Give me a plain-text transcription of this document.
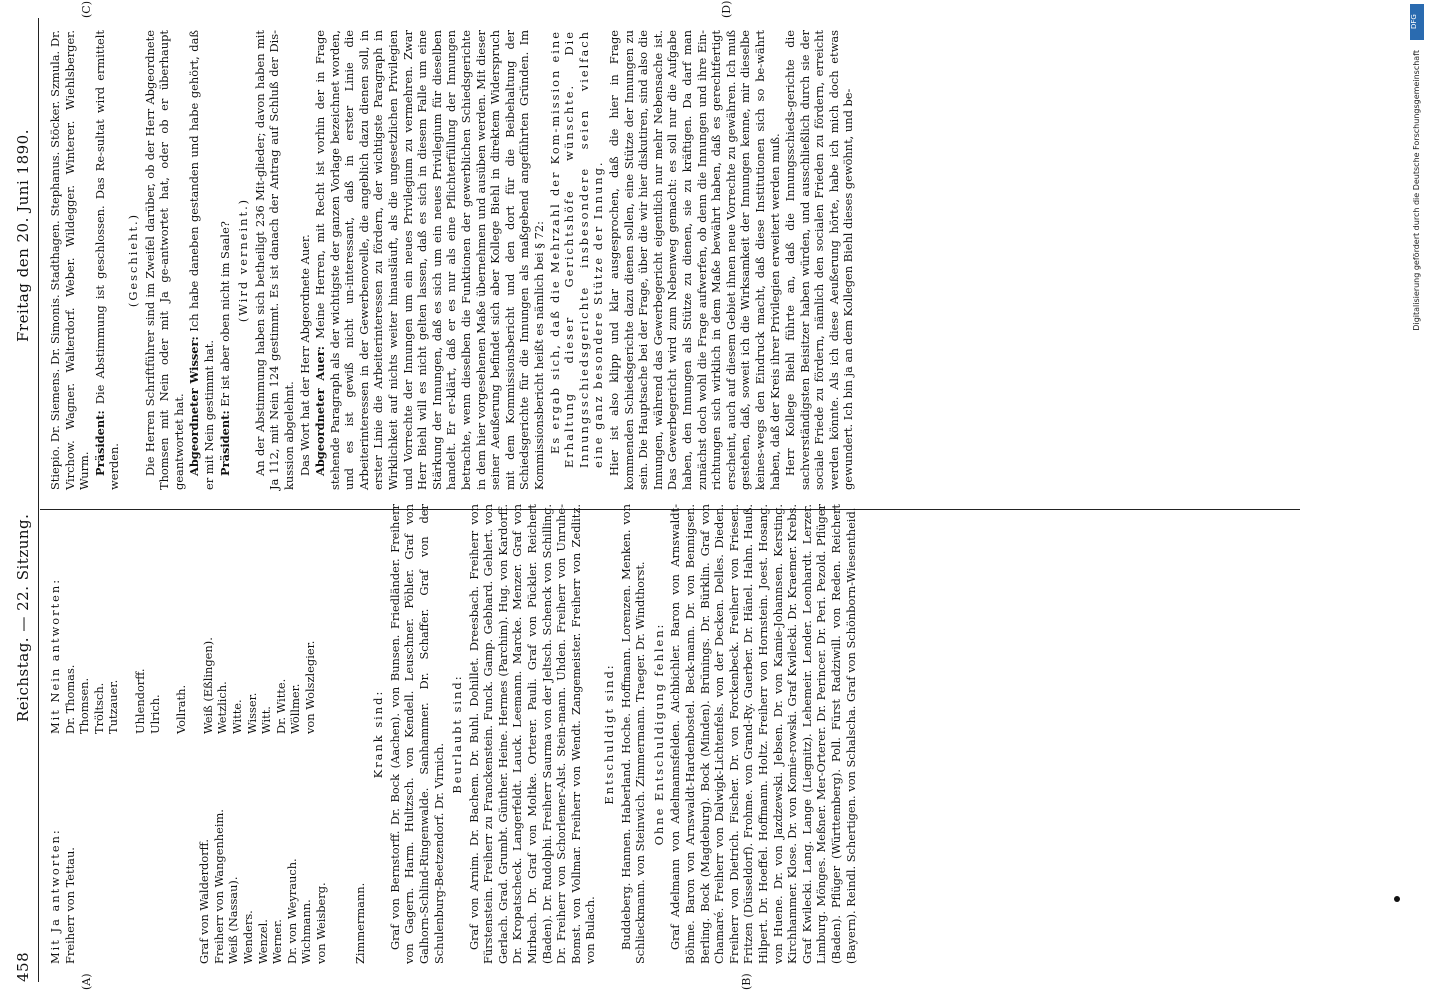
458
Reichstag. — 22. Sitzung.
Freitag den 20. Juni 1890.
(A)	(B)
(C)	(D)
Mit Ja antworten: Freiherr von Tettau.	Graf von Walderdorff. Freiherr von Wangenheim. Weiß (Nassau). Wenders. Wenzel. Werner. Dr. von Weyrauch. Wichmann. von Weisberg. Zimmermann.
Mit Nein antworten: Dr. Thomas. Thomsen. Tröltsch. Tutzauer. Uhlendorff. Ulrich. Vollrath. Weiß (Eßlingen). Wetzlich. Witte. Wisser. Witt. Dr. Witte. Wöllmer. von Wolszlegier.	Krank sind: Graf von Bernstorff. Dr. Bock (Aachen). von Bunsen. Friedländer. Freiherr von Gagern. Harm. Hultzsch. von Kendell. Leuschner. Pöhler. Graf von Galhorn-Schlind-Ringenwalde. Sanhammer. Dr. Schaffer. Graf von der Schulenburg-Beetzendorf. Dr. Virnich.

Beurlaubt sind: Graf von Arnim. Dr. Bachem. Dr. Buhl. Dohillet. Dreesbach. Freiherr von Fürstenstein. Freiherr zu Franckenstein. Funck. Gamp. Gebhard. Gehlert. von Gerlach. Grad. Grumbt. Günther. Heine. Hermes (Parchim). Hug. von Kardorff. Dr. Kropatscheck. Langerfeldt. Lauck. Leemann. Marcke. Menzer. Graf von Mirbach. Dr. Graf von Moltke. Orterer. Pauli. Graf von Pückler. Reichert (Baden). Dr. Rudolphi. Freiherr Saurma von der Jeltsch. Schenck von Schilling. Dr. Freiherr von Schorlemer-Alst. Stein-mann. Uhden. Freiherr von Unruhe-Bomst. von Vollmar. Freiherr von Wendt. Zangemeister. Freiherr von Zedlitz. von Bulach.

Entschuldigt sind: Buddeberg. Hannen. Haberland. Hoche. Hoffmann. Lorenzen. Menken. von Schlieckmann. von Steinwich. Zimmermann. Traeger. Dr. Windthorst. Ohne Entschuldigung fehlen: Graf Adelmann von Adelmannsfelden. Aichbichler. Baron von Arnswaldt-Böhme. Baron von Arnswaldt-Hardenbostel. Beck-mann. Dr. von Bennigsen. Berling. Bock (Magdeburg). Bock (Minden). Brünings. Dr. Bürklin. Graf von Chamaré. Freiherr von Dalwigk-Lichtenfels. von der Decken. Delles. Dieden. Freiherr von Dietrich. Fischer. Dr. von Forckenbeck. Freiherr von Friesen. Fritzen (Düsseldorf). Frohme. von Grand-Ry. Guerber. Dr. Hänel. Hahn. Hauß. Hilpert. Dr. Hoeffel. Hoffmann. Holtz. Freiherr von Hornstein. Joest. Hosang. von Huene. Dr. von Jazdzewski. Jebsen. Dr. von Kamie-Johannsen. Kersting. Kirchhammer. Klose. Dr. von Komie-rowski. Graf Kwilecki. Dr. Kraemer. Krebs. Graf Kwilecki. Lang. Lange (Liegnitz). Lehemeir. Lender. Leonhardt. Lerzer. Limburg. Mönges. Meßner. Mer-Orterer. Dr. Perincer. Dr. Peri. Pezold. Pflüger (Baden). Pflüger (Württemberg). Poll. Fürst Radziwill. von Reden. Reichert (Bayern). Reindl. Schertigen. von Schalscha. Graf von Schönborn-Wiesentheid.

Stiepio. Dr. Siemens. Dr. Simonis. Stadthagen. Stephanus. Stöcker. Szmula. Dr. Virchow. Wagner. Walterdorf. Weber. Wildegger. Winterer. Wiehlsberger. Wurm. Präsident: Die Abstimmung ist geschlossen. Das Re-sultat wird ermittelt werden.

(Geschieht.) Die Herren Schriftführer sind im Zweifel darüber, ob der Herr Abgeordnete Thomsen mit Nein oder mit Ja ge-antwortet hat, oder ob er überhaupt geantwortet hat. Abgeordneter Wisser: Ich habe daneben gestanden und habe gehört, daß er mit Nein gestimmt hat. Präsident: Er ist aber oben nicht im Saale? (Wird verneint.) An der Abstimmung haben sich betheiligt 236 Mit-glieder; davon haben mit Ja 112, mit Nein 124 gestimmt. Es ist danach der Antrag auf Schluß der Dis-kussion abgelehnt. Das Wort hat der Herr Abgeordnete Auer. Abgeordneter Auer: Meine Herren, mit Recht ist vorhin der in Frage stehende Paragraph als der wichtigste der ganzen Vorlage bezeichnet worden, und es ist gewiß nicht un-interessant, daß in erster Linie die Arbeiterinteressen in der Gewerbenovelle, die angeblich dazu dienen soll, in erster Linie die Arbeiterinteressen zu fördern, der wichtigste Paragraph in Wirklichkeit auf nichts weiter hinausläuft, als die ungesetzlichen Privilegien und Vorrechte der Innungen um ein neues Privilegium zu vermehren. Zwar Herr Biehl will es nicht gelten lassen, daß es sich in diesem Falle um eine Stärkung der Innungen, daß es sich um ein neues Privilegium für dieselben handelt. Er er-klärt, daß er es nur als eine Pflichterfüllung der Innungen betrachte, wenn dieselben die Funktionen der gewerblichen Schiedsgerichte in dem hier vorgesehenen Maße übernehmen und ausüben werden. Mit dieser seiner Aeußerung befindet sich aber Kollege Biehl in direktem Widerspruch mit dem Kommissionsbericht und den dort für die Beibehaltung der Schiedsgerichte für die Innungen als maßgebend angeführten Gründen. Im Kommissionsbericht heißt es nämlich bei § 72: Es ergab sich, daß die Mehrzahl der Kom-mission eine Erhaltung dieser Gerichtshöfe wünschte. Die Innungsschiedsgerichte insbesondere seien vielfach eine ganz besondere Stütze der Innung. Hier ist also klipp und klar ausgesprochen, daß die hier in Frage kommenden Schiedsgerichte dazu dienen sollen, eine Stütze der Innungen zu sein. Die Hauptsache bei der Frage, über die wir hier diskutiren, sind also die Innungen, während das Gewerbegericht eigentlich nur mehr Nebensache ist. Das Gewerbegericht wird zum Nebenweg gemacht: es soll nur die Aufgabe haben, den Innungen als Stütze zu dienen, sie zu kräftigen. Da darf man zunächst doch wohl die Frage aufwerfen, ob denn die Innungen und ihre Ein-richtungen sich wirklich in dem Maße bewährt haben, daß es gerechtfertigt erscheint, auch auf diesem Gebiet ihnen neue Vorrechte zu gewähren. Ich muß gestehen, daß, soweit ich die Wirksamkeit der Innungen kenne, mir dieselbe keines-wegs den Eindruck macht, daß diese Institutionen sich so be-währt haben, daß der Kreis ihrer Privilegien erweitert werden muß. Herr Kollege Biehl führte an, daß die Innungsschieds-gerichte die sachverständigsten Beisitzer haben würden, und ausschließlich durch sie der sociale Friede zu fördern, nämlich den socialen Frieden zu fördern, erreicht werden könnte. Als ich diese Aeußerung hörte, habe ich mich doch etwas gewundert. Ich bin ja an dem Kollegen Biehl dieses gewöhnt, und be-

DFG
Digitalisierung gefördert durch die Deutsche Forschungsgemeinschaft
